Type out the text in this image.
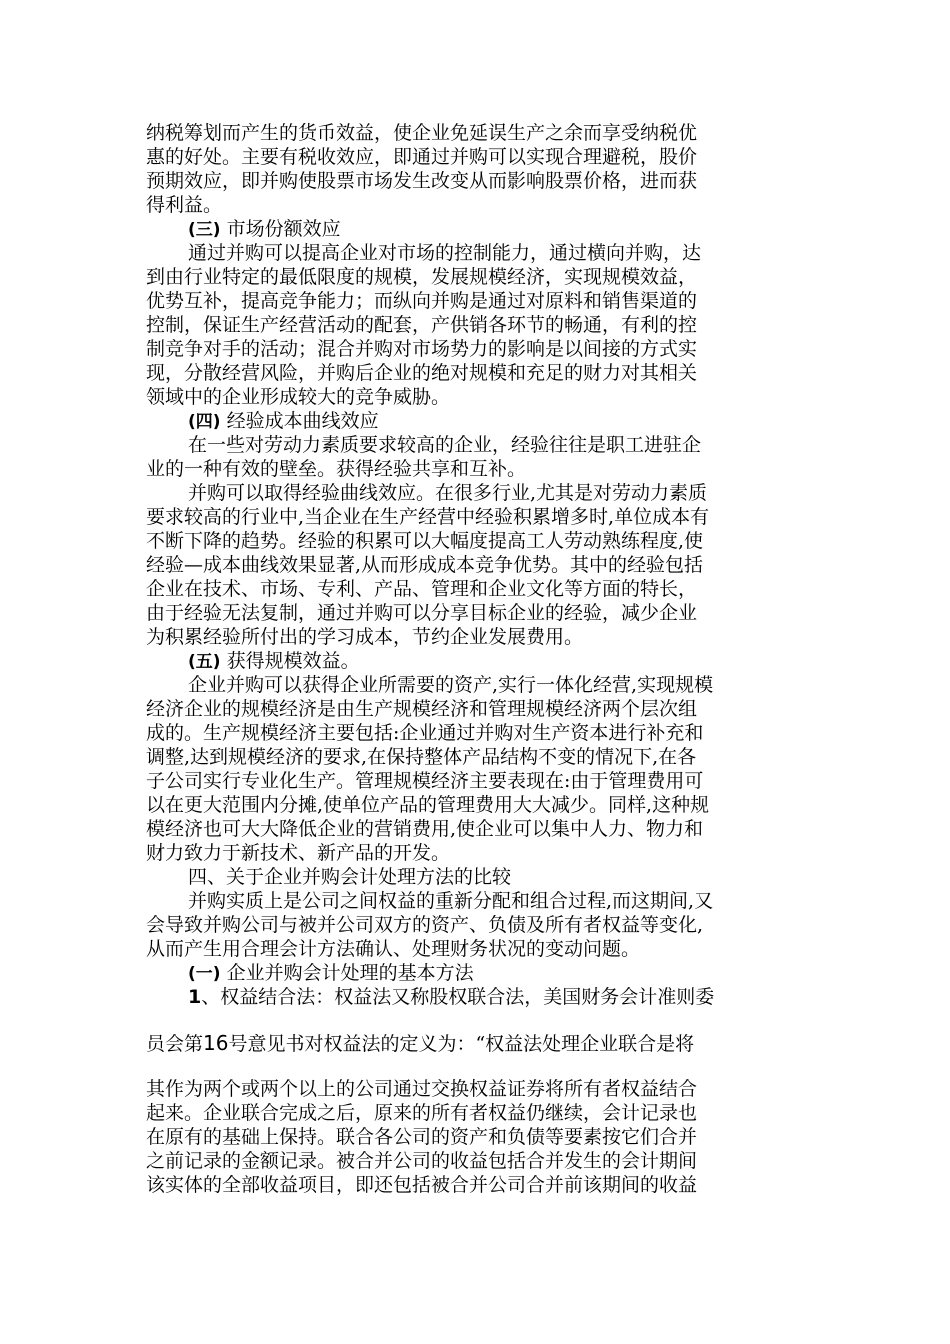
纳税筹划而产生的货币效益，使企业免延误生产之余而享受纳税优
惠的好处。主要有税收效应，即通过并购可以实现合理避税，股价
预期效应，即并购使股票市场发生改变从而影响股票价格，进而获
得利益。
(三) 市场份额效应
通过并购可以提高企业对市场的控制能力，通过横向并购，达
到由行业特定的最低限度的规模，发展规模经济，实现规模效益，
优势互补，提高竞争能力；而纵向并购是通过对原料和销售渠道的
控制，保证生产经营活动的配套，产供销各环节的畅通，有利的控
制竞争对手的活动；混合并购对市场势力的影响是以间接的方式实
现，分散经营风险，并购后企业的绝对规模和充足的财力对其相关
领域中的企业形成较大的竞争威胁。
(四) 经验成本曲线效应
在一些对劳动力素质要求较高的企业，经验往往是职工进驻企
业的一种有效的壁垒。获得经验共享和互补。
并购可以取得经验曲线效应。在很多行业,尤其是对劳动力素质
要求较高的行业中,当企业在生产经营中经验积累增多时,单位成本有
不断下降的趋势。经验的积累可以大幅度提高工人劳动熟练程度,使
经验—成本曲线效果显著,从而形成成本竞争优势。其中的经验包括
企业在技术、市场、专利、产品、管理和企业文化等方面的特长，
由于经验无法复制，通过并购可以分享目标企业的经验，减少企业
为积累经验所付出的学习成本，节约企业发展费用。
(五) 获得规模效益。
企业并购可以获得企业所需要的资产,实行一体化经营,实现规模
经济企业的规模经济是由生产规模经济和管理规模经济两个层次组
成的。生产规模经济主要包括:企业通过并购对生产资本进行补充和
调整,达到规模经济的要求,在保持整体产品结构不变的情况下,在各
子公司实行专业化生产。管理规模经济主要表现在:由于管理费用可
以在更大范围内分摊,使单位产品的管理费用大大减少。同样,这种规
模经济也可大大降低企业的营销费用,使企业可以集中人力、物力和
财力致力于新技术、新产品的开发。
四、关于企业并购会计处理方法的比较
并购实质上是公司之间权益的重新分配和组合过程,而这期间,又
会导致并购公司与被并公司双方的资产、负债及所有者权益等变化,
从而产生用合理会计方法确认、处理财务状况的变动问题。
(一) 企业并购会计处理的基本方法
1、权益结合法：权益法又称股权联合法，美国财务会计准则委
员会第16号意见书对权益法的定义为：“权益法处理企业联合是将
其作为两个或两个以上的公司通过交换权益证券将所有者权益结合
起来。企业联合完成之后，原来的所有者权益仍继续，会计记录也
在原有的基础上保持。联合各公司的资产和负债等要素按它们合并
之前记录的金额记录。被合并公司的收益包括合并发生的会计期间
该实体的全部收益项目，即还包括被合并公司合并前该期间的收益
